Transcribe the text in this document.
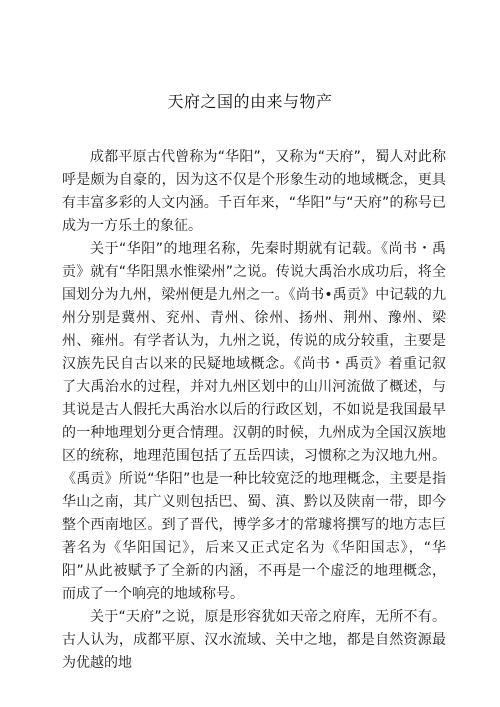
天府之国的由来与物产

成都平原古代曾称为“华阳”，又称为“天府”，蜀人对此称呼是颇为自豪的，因为这不仅是个形象生动的地域概念，更具有丰富多彩的人文内涵。千百年来，“华阳”与“天府”的称号已成为一方乐土的象征。

关于“华阳”的地理名称，先秦时期就有记载。《尚书・禹贡》就有“华阳黑水惟梁州”之说。传说大禹治水成功后，将全国划分为九州，梁州便是九州之一。《尚书•禹贡》中记载的九州分别是冀州、兖州、青州、徐州、扬州、荆州、豫州、梁州、雍州。有学者认为，九州之说，传说的成分较重，主要是汉族先民自古以来的民疑地域概念。《尚书・禹贡》着重记叙了大禹治水的过程，并对九州区划中的山川河流做了概述，与其说是古人假托大禹治水以后的行政区划，不如说是我国最早的一种地理划分更合情理。汉朝的时候，九州成为全国汉族地区的统称，地理范围包括了五岳四读，习惯称之为汉地九州。《禹贡》所说“华阳”也是一种比较宽泛的地理概念，主要是指华山之南，其广义则包括巴、蜀、滇、黔以及陕南一带，即今整个西南地区。到了晋代，博学多才的常璩将撰写的地方志巨著名为《华阳国记》，后来又正式定名为《华阳国志》，“华阳”从此被赋予了全新的内涵，不再是一个虚泛的地理概念，而成了一个响亮的地域称号。

关于“天府”之说，原是形容犹如天帝之府库，无所不有。古人认为，成都平原、汉水流域、关中之地，都是自然资源最为优越的地
